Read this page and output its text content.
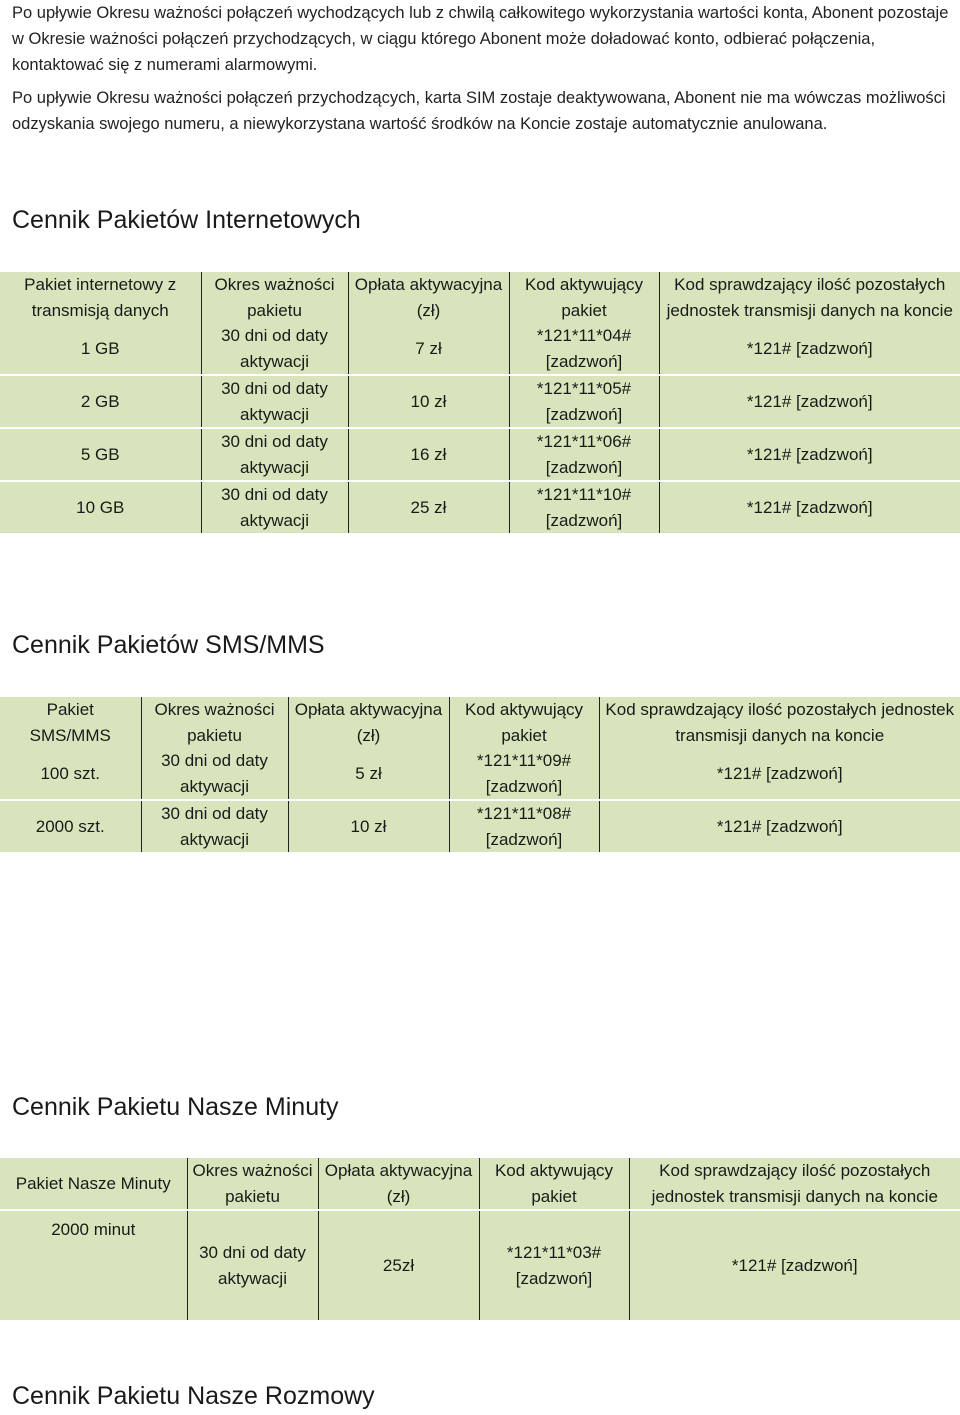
Po upływie Okresu ważności połączeń wychodzących lub z chwilą całkowitego wykorzystania wartości konta, Abonent pozostaje w Okresie ważności połączeń przychodzących, w ciągu którego Abonent może doładować konto, odbierać połączenia, kontaktować się z numerami alarmowymi.
Po upływie Okresu ważności połączeń przychodzących, karta SIM zostaje deaktywowana, Abonent nie ma wówczas możliwości odzyskania swojego numeru, a niewykorzystana wartość środków na Koncie zostaje automatycznie anulowana.
Cennik Pakietów Internetowych
Pakiet internetowy z transmisją danych	Okres ważności pakietu	Opłata aktywacyjna (zł)	Kod aktywujący pakiet	Kod sprawdzający ilość pozostałych jednostek transmisji danych na koncie
1 GB	30 dni od daty aktywacji	7 zł	*121*11*04# [zadzwoń]	*121# [zadzwoń]
2 GB	30 dni od daty aktywacji	10 zł	*121*11*05# [zadzwoń]	*121# [zadzwoń]
5 GB	30 dni od daty aktywacji	16 zł	*121*11*06# [zadzwoń]	*121# [zadzwoń]
10 GB	30 dni od daty aktywacji	25 zł	*121*11*10# [zadzwoń]	*121# [zadzwoń]
Cennik Pakietów SMS/MMS
Pakiet SMS/MMS	Okres ważności pakietu	Opłata aktywacyjna (zł)	Kod aktywujący pakiet	Kod sprawdzający ilość pozostałych jednostek transmisji danych na koncie
100 szt.	30 dni od daty aktywacji	5 zł	*121*11*09# [zadzwoń]	*121# [zadzwoń]
2000 szt.	30 dni od daty aktywacji	10 zł	*121*11*08# [zadzwoń]	*121# [zadzwoń]
Cennik Pakietu Nasze Minuty
Pakiet Nasze Minuty	Okres ważności pakietu	Opłata aktywacyjna (zł)	Kod aktywujący pakiet	Kod sprawdzający ilość pozostałych jednostek transmisji danych na koncie
2000 minut	30 dni od daty aktywacji	25zł	*121*11*03# [zadzwoń]	*121# [zadzwoń]
Cennik Pakietu Nasze Rozmowy
